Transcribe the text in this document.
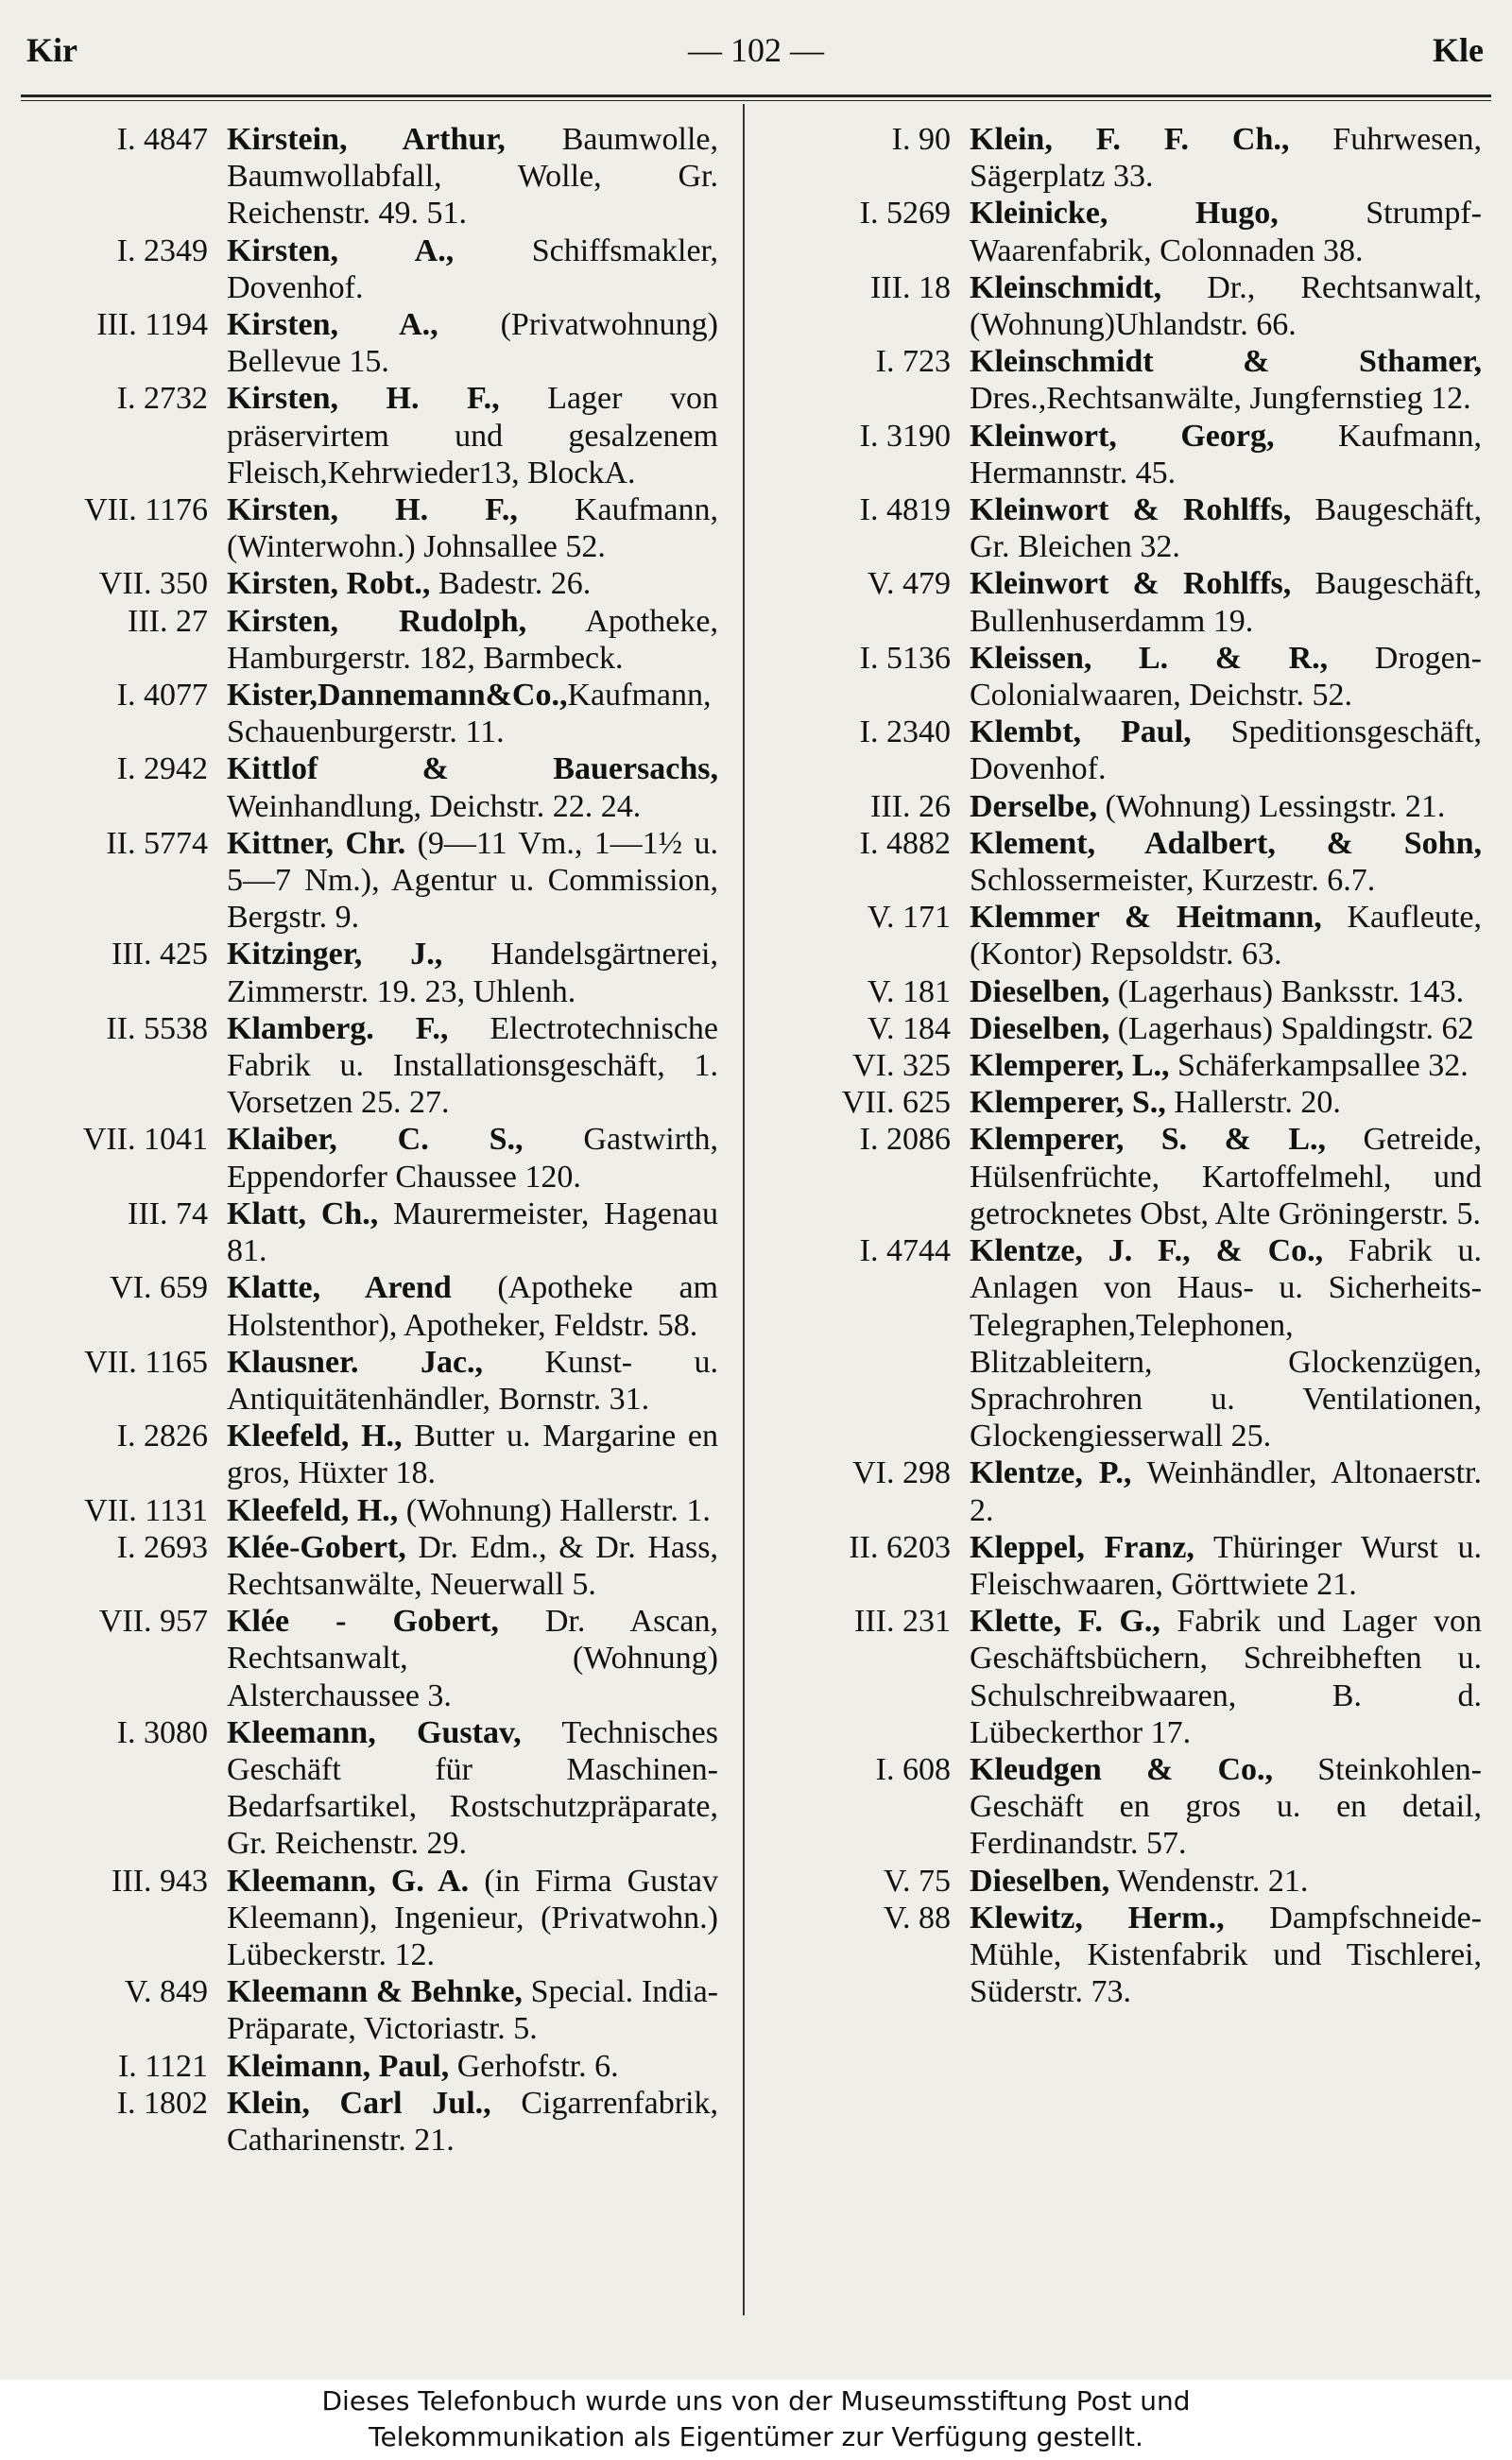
Kir	— 102 —	Kle
I. 4847 Kirstein, Arthur, Baumwolle, Baumwollabfall, Wolle, Gr. Reichenstr. 49. 51.
I. 2349 Kirsten, A., Schiffsmakler, Dovenhof.
III. 1194 Kirsten, A., (Privatwohnung) Bellevue 15.
I. 2732 Kirsten, H. F., Lager von präservirtem und gesalzenem Fleisch,Kehrwieder13, BlockA.
VII. 1176 Kirsten, H. F., Kaufmann, (Winterwohn.) Johnsallee 52.
VII. 350 Kirsten, Robt., Badestr. 26.
III. 27 Kirsten, Rudolph, Apotheke, Hamburgerstr. 182, Barmbeck.
I. 4077 Kister,Dannemann&Co.,Kaufmann, Schauenburgerstr. 11.
I. 2942 Kittlof & Bauersachs, Weinhandlung, Deichstr. 22. 24.
II. 5774 Kittner, Chr. (9—11 Vm., 1—1½ u. 5—7 Nm.), Agentur u. Commission, Bergstr. 9.
III. 425 Kitzinger, J., Handelsgärtnerei, Zimmerstr. 19. 23, Uhlenh.
II. 5538 Klamberg. F., Electrotechnische Fabrik u. Installationsgeschäft, 1. Vorsetzen 25. 27.
VII. 1041 Klaiber, C. S., Gastwirth, Eppendorfer Chaussee 120.
III. 74 Klatt, Ch., Maurermeister, Hagenau 81.
VI. 659 Klatte, Arend (Apotheke am Holstenthor), Apotheker, Feldstr. 58.
VII. 1165 Klausner. Jac., Kunst- u. Antiquitätenhändler, Bornstr. 31.
I. 2826 Kleefeld, H., Butter u. Margarine en gros, Hüxter 18.
VII. 1131 Kleefeld, H., (Wohnung) Hallerstr. 1.
I. 2693 Klée-Gobert, Dr. Edm., & Dr. Hass, Rechtsanwälte, Neuerwall 5.
VII. 957 Klée - Gobert, Dr. Ascan, Rechtsanwalt, (Wohnung) Alsterchaussee 3.
I. 3080 Kleemann, Gustav, Technisches Geschäft für Maschinen-Bedarfsartikel, Rostschutzpräparate, Gr. Reichenstr. 29.
III. 943 Kleemann, G. A. (in Firma Gustav Kleemann), Ingenieur, (Privatwohn.) Lübeckerstr. 12.
V. 849 Kleemann & Behnke, Special. India-Präparate, Victoriastr. 5.
I. 1121 Kleimann, Paul, Gerhofstr. 6.
I. 1802 Klein, Carl Jul., Cigarrenfabrik, Catharinenstr. 21.
I. 90 Klein, F. F. Ch., Fuhrwesen, Sägerplatz 33.
I. 5269 Kleinicke, Hugo, Strumpf-Waarenfabrik, Colonnaden 38.
III. 18 Kleinschmidt, Dr., Rechtsanwalt,(Wohnung)Uhlandstr. 66.
I. 723 Kleinschmidt & Sthamer, Dres.,Rechtsanwälte, Jungfernstieg 12.
I. 3190 Kleinwort, Georg, Kaufmann, Hermannstr. 45.
I. 4819 Kleinwort & Rohlffs, Baugeschäft, Gr. Bleichen 32.
V. 479 Kleinwort & Rohlffs, Baugeschäft, Bullenhuserdamm 19.
I. 5136 Kleissen, L. & R., Drogen-Colonialwaaren, Deichstr. 52.
I. 2340 Klembt, Paul, Speditionsgeschäft, Dovenhof.
III. 26 Derselbe, (Wohnung) Lessingstr. 21.
I. 4882 Klement, Adalbert, & Sohn, Schlossermeister, Kurzestr. 6.7.
V. 171 Klemmer & Heitmann, Kaufleute, (Kontor) Repsoldstr. 63.
V. 181 Dieselben, (Lagerhaus) Banksstr. 143.
V. 184 Dieselben, (Lagerhaus) Spaldingstr. 62
VI. 325 Klemperer, L., Schäferkampsallee 32.
VII. 625 Klemperer, S., Hallerstr. 20.
I. 2086 Klemperer, S. & L., Getreide, Hülsenfrüchte, Kartoffelmehl, und getrocknetes Obst, Alte Gröningerstr. 5.
I. 4744 Klentze, J. F., & Co., Fabrik u. Anlagen von Haus- u. Sicherheits-Telegraphen,Telephonen, Blitzableitern, Glockenzügen, Sprachrohren u. Ventilationen, Glockengiesserwall 25.
VI. 298 Klentze, P., Weinhändler, Altonaerstr. 2.
II. 6203 Kleppel, Franz, Thüringer Wurst u. Fleischwaaren, Görttwiete 21.
III. 231 Klette, F. G., Fabrik und Lager von Geschäftsbüchern, Schreibheften u. Schulschreibwaaren, B. d. Lübeckerthor 17.
I. 608 Kleudgen & Co., Steinkohlen-Geschäft en gros u. en detail, Ferdinandstr. 57.
V. 75 Dieselben, Wendenstr. 21.
V. 88 Klewitz, Herm., Dampfschneide-Mühle, Kistenfabrik und Tischlerei, Süderstr. 73.
Dieses Telefonbuch wurde uns von der Museumsstiftung Post und
Telekommunikation als Eigentümer zur Verfügung gestellt.
